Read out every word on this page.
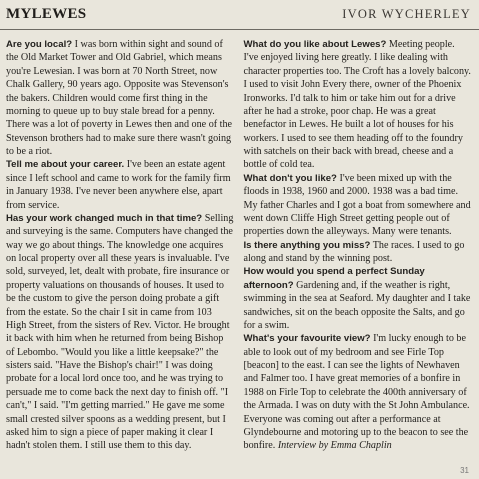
MYLEWES	IVOR WYCHERLEY

Are you local? I was born within sight and sound of the Old Market Tower and Old Gabriel, which means you're Lewesian. I was born at 70 North Street, now Chalk Gallery, 90 years ago. Opposite was Stevenson's the bakers. Children would come first thing in the morning to queue up to buy stale bread for a penny. There was a lot of poverty in Lewes then and one of the Stevenson brothers had to make sure there wasn't going to be a riot.

Tell me about your career. I've been an estate agent since I left school and came to work for the family firm in January 1938. I've never been anywhere else, apart from service.

Has your work changed much in that time? Selling and surveying is the same. Computers have changed the way we go about things. The knowledge one acquires on local property over all these years is invaluable. I've sold, surveyed, let, dealt with probate, fire insurance or property valuations on thousands of houses. It used to be the custom to give the person doing probate a gift from the estate. So the chair I sit in came from 103 High Street, from the sisters of Rev. Victor. He brought it back with him when he returned from being Bishop of Lebombo. "Would you like a little keepsake?" the sisters said. "Have the Bishop's chair!" I was doing probate for a local lord once too, and he was trying to persuade me to come back the next day to finish off. "I can't," I said. "I'm getting married." He gave me some small crested silver spoons as a wedding present, but I asked him to sign a piece of paper making it clear I hadn't stolen them. I still use them to this day.

What do you like about Lewes? Meeting people. I've enjoyed living here greatly. I like dealing with character properties too. The Croft has a lovely balcony. I used to visit John Every there, owner of the Phoenix Ironworks. I'd talk to him or take him out for a drive after he had a stroke, poor chap. He was a great benefactor in Lewes. He built a lot of houses for his workers. I used to see them heading off to the foundry with satchels on their back with bread, cheese and a bottle of cold tea.

What don't you like? I've been mixed up with the floods in 1938, 1960 and 2000. 1938 was a bad time. My father Charles and I got a boat from somewhere and went down Cliffe High Street getting people out of properties down the alleyways. Many were tenants.

Is there anything you miss? The races. I used to go along and stand by the winning post.

How would you spend a perfect Sunday afternoon? Gardening and, if the weather is right, swimming in the sea at Seaford. My daughter and I take sandwiches, sit on the beach opposite the Salts, and go for a swim.

What's your favourite view? I'm lucky enough to be able to look out of my bedroom and see Firle Top [beacon] to the east. I can see the lights of Newhaven and Falmer too. I have great memories of a bonfire in 1988 on Firle Top to celebrate the 400th anniversary of the Armada. I was on duty with the St John Ambulance. Everyone was coming out after a performance at Glyndebourne and motoring up to the beacon to see the bonfire. Interview by Emma Chaplin

31
